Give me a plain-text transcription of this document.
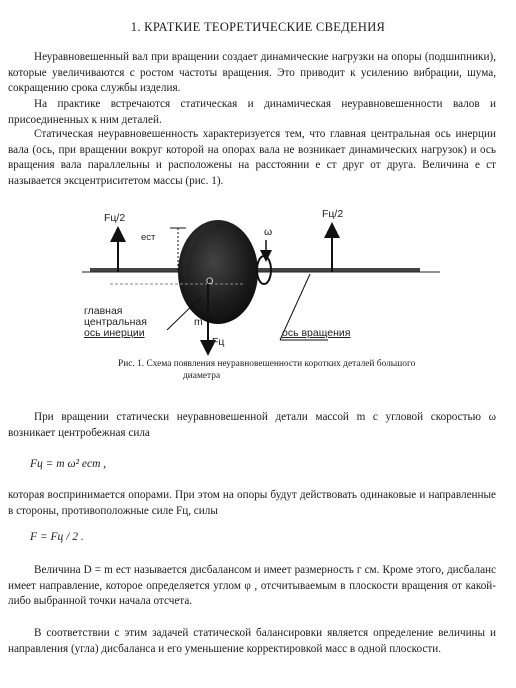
1. КРАТКИЕ ТЕОРЕТИЧЕСКИЕ СВЕДЕНИЯ

Неуравновешенный вал при вращении создает динамические нагрузки на опоры (подшипники), которые увеличиваются с ростом частоты вращения. Это приводит к усилению вибрации, шума, сокращению срока службы изделия.

На практике встречаются статическая и динамическая неуравновешенности валов и присоединенных к ним деталей.

Статическая неуравновешенность характеризуется тем, что главная центральная ось инерции вала (ось, при вращении вокруг которой на опорах вала не возникает динамических нагрузок) и ось вращения вала параллельны и расположены на расстоянии e ст друг от друга. Величина e ст называется эксцентриситетом массы (рис. 1).

Fц/2	Fц/2
eст	ω
О
m
Fц
главная
центральная
ось инерции	ось вращения
Рис. 1. Схема появления неуравновешенности коротких деталей большого
диаметра

При вращении статически неуравновешенной детали массой m с угловой скоростью ω возникает центробежная сила

Fц = m ω² eст ,

которая воспринимается опорами. При этом на опоры будут действовать одинаковые и направленные в стороны, противоположные силе Fц, силы

F = Fц / 2 .

Величина D = m eст называется дисбалансом и имеет размерность г см. Кроме этого, дисбаланс имеет направление, которое определяется углом φ , отсчитываемым в плоскости вращения от какой-либо выбранной точки начала отсчета.

В соответствии с этим задачей статической балансировки является определение величины и направления (угла) дисбаланса и его уменьшение корректировкой масс в одной плоскости.
